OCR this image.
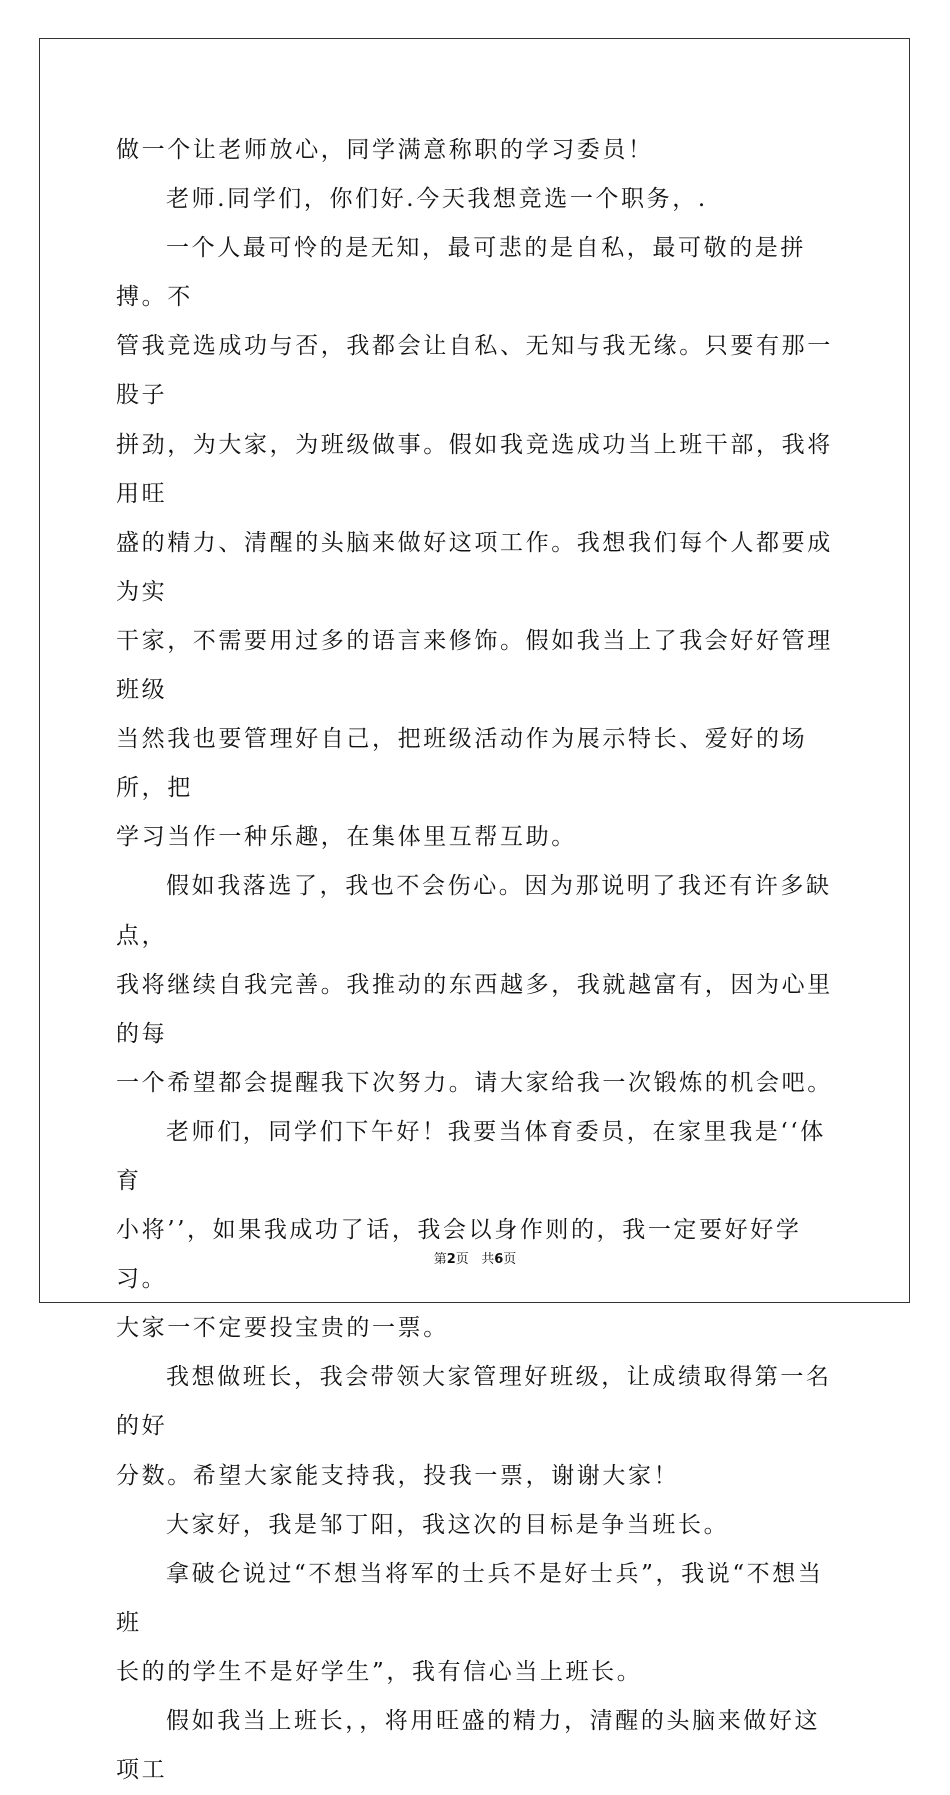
做一个让老师放心，同学满意称职的学习委员！

老师.同学们，你们好.今天我想竞选一个职务，.

一个人最可怜的是无知，最可悲的是自私，最可敬的是拼搏。不
管我竞选成功与否，我都会让自私、无知与我无缘。只要有那一股子
拼劲，为大家，为班级做事。假如我竞选成功当上班干部，我将用旺
盛的精力、清醒的头脑来做好这项工作。我想我们每个人都要成为实
干家，不需要用过多的语言来修饰。假如我当上了我会好好管理班级
当然我也要管理好自己，把班级活动作为展示特长、爱好的场所，把
学习当作一种乐趣，在集体里互帮互助。

假如我落选了，我也不会伤心。因为那说明了我还有许多缺点，
我将继续自我完善。我推动的东西越多，我就越富有，因为心里的每
一个希望都会提醒我下次努力。请大家给我一次锻炼的机会吧。

老师们，同学们下午好！我要当体育委员，在家里我是‘‘体育
小将’’，如果我成功了话，我会以身作则的，我一定要好好学习。
大家一不定要投宝贵的一票。

我想做班长，我会带领大家管理好班级，让成绩取得第一名的好
分数。希望大家能支持我，投我一票，谢谢大家！

大家好，我是邹丁阳，我这次的目标是争当班长。

拿破仑说过“不想当将军的士兵不是好士兵”，我说“不想当班
长的的学生不是好学生”，我有信心当上班长。

假如我当上班长，，将用旺盛的精力，清醒的头脑来做好这项工

第2页 共6页
